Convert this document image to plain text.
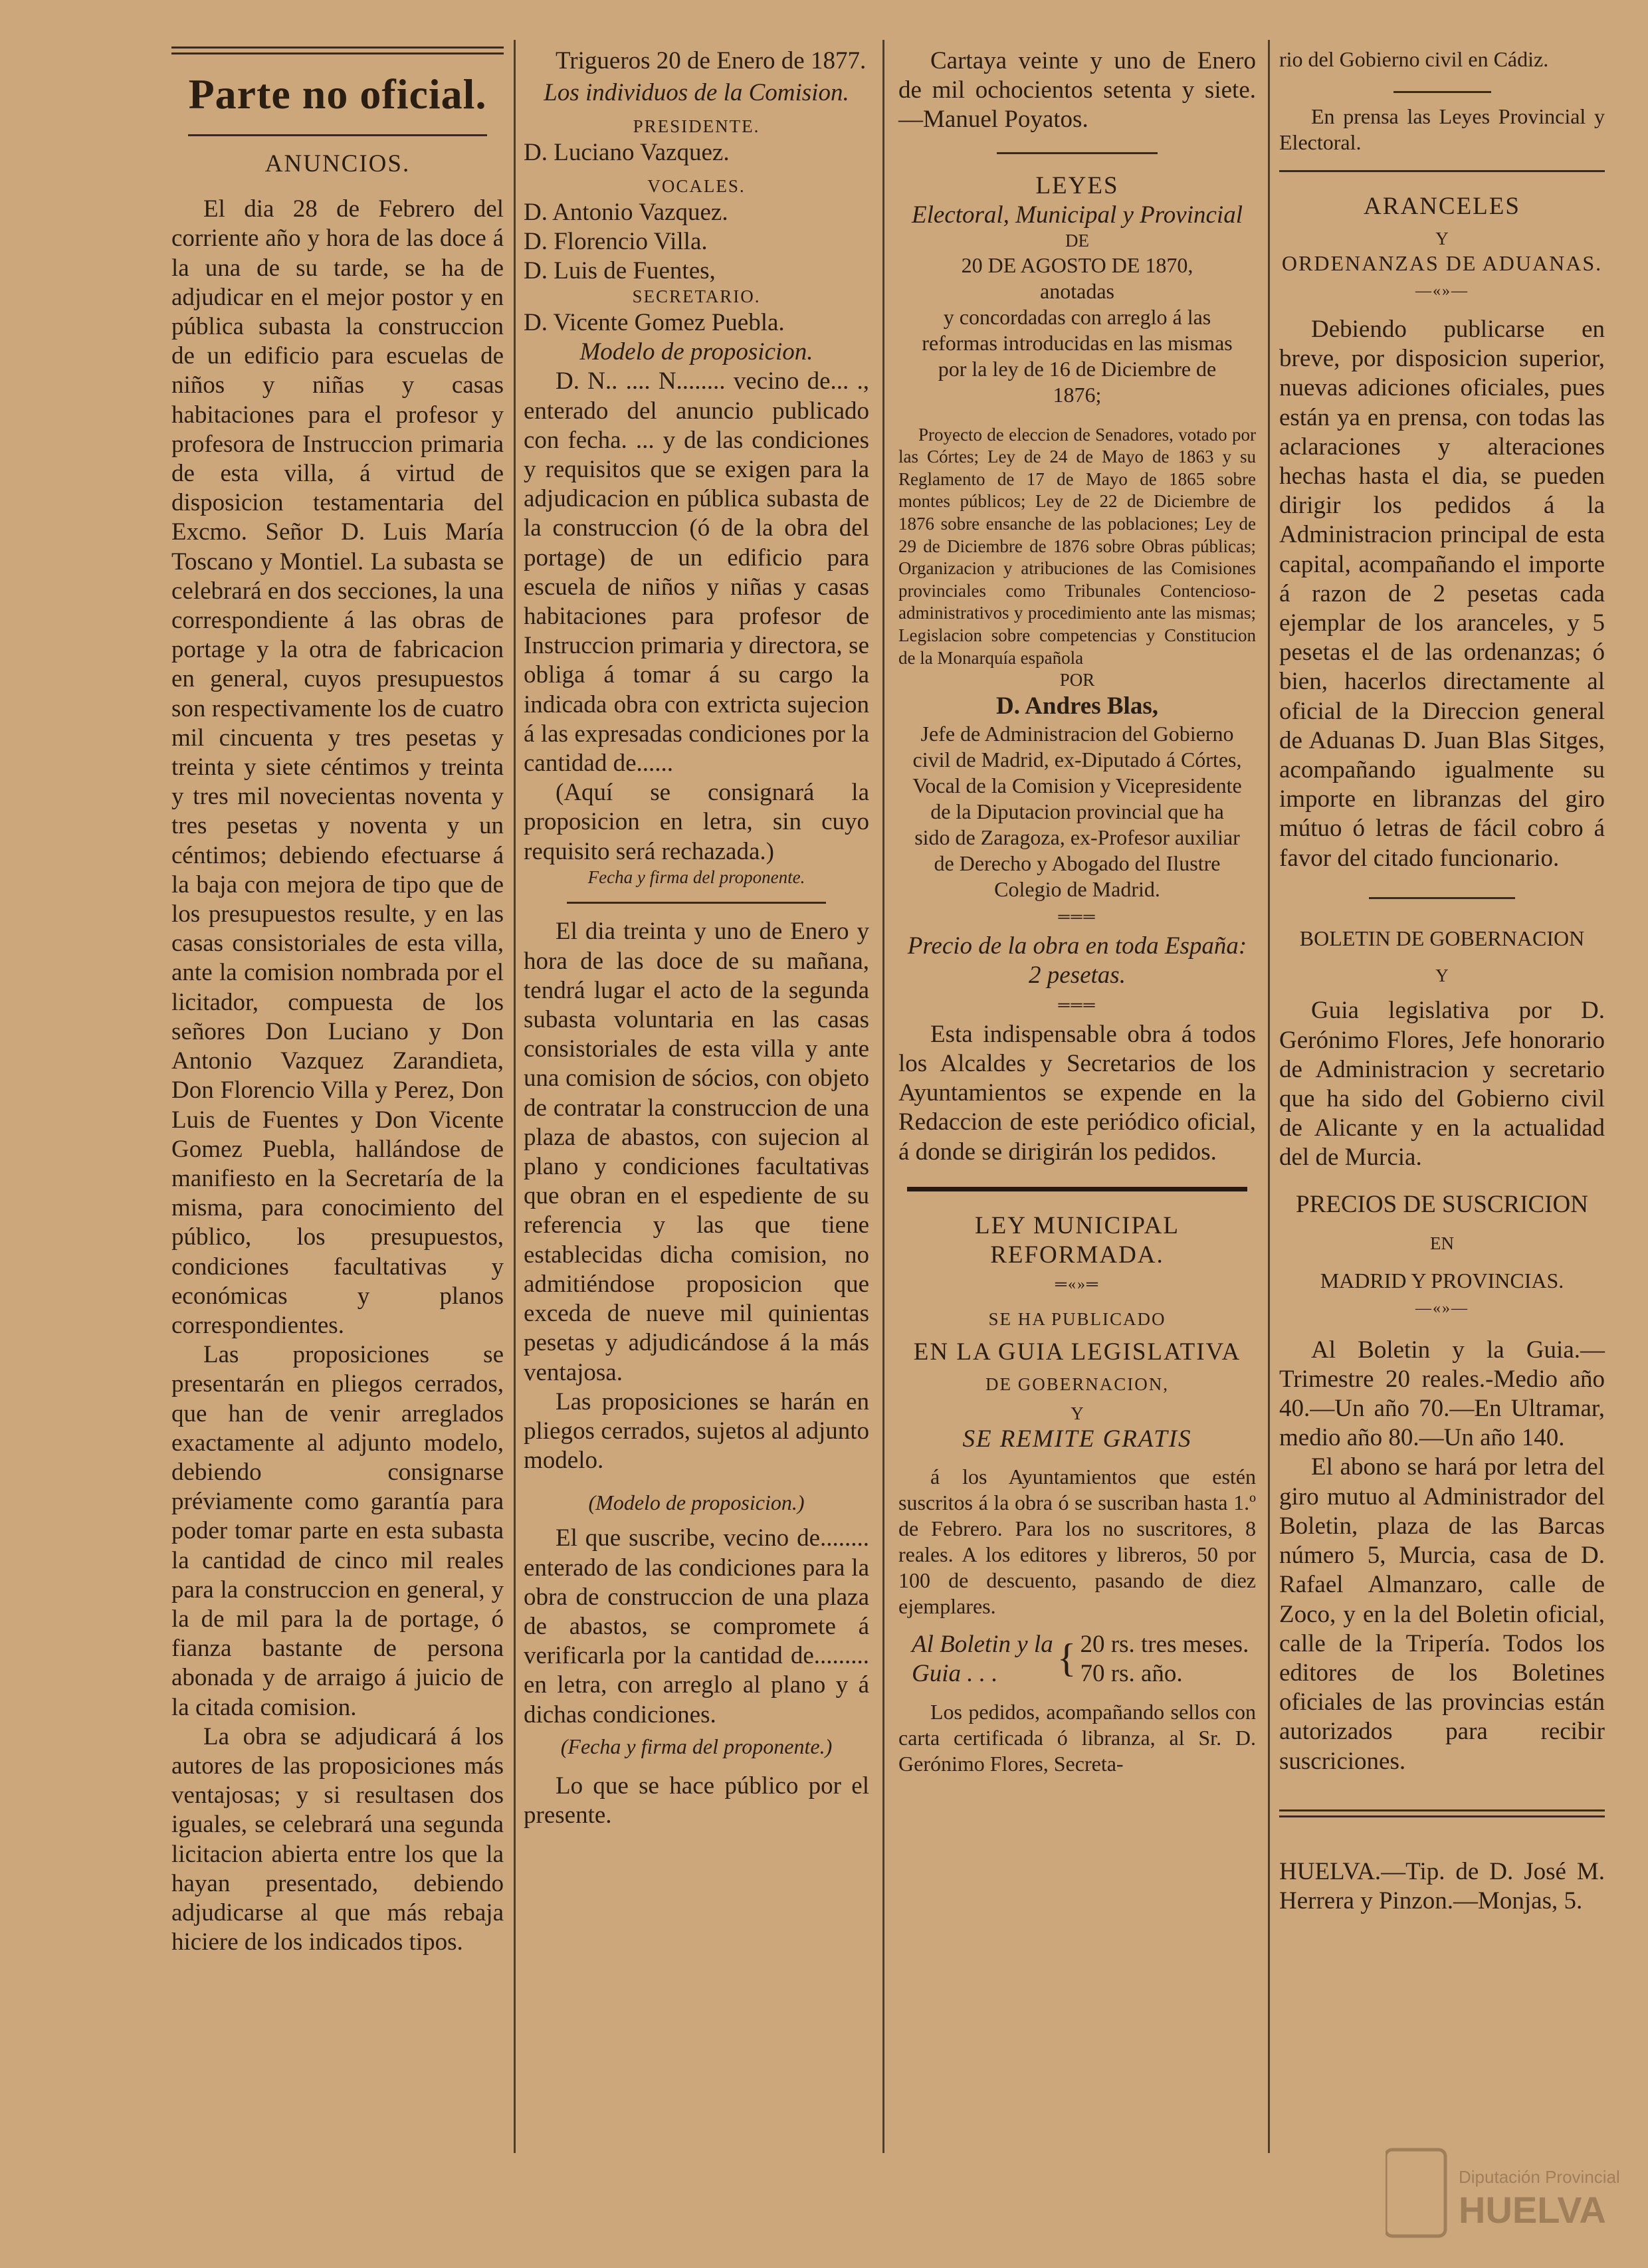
Parte no oficial.

ANUNCIOS.

El dia 28 de Febrero del corriente año y hora de las doce á la una de su tarde, se ha de adjudicar en el mejor postor y en pública subasta la construccion de un edificio para escuelas de niños y niñas y casas habitaciones para el profesor y profesora de Instruccion primaria de esta villa, á virtud de disposicion testamentaria del Excmo. Señor D. Luis María Toscano y Montiel. La subasta se celebrará en dos secciones, la una correspondiente á las obras de portage y la otra de fabricacion en general, cuyos presupuestos son respectivamente los de cuatro mil cincuenta y tres pesetas y treinta y siete céntimos y treinta y tres mil novecientas noventa y tres pesetas y noventa y un céntimos; debiendo efectuarse á la baja con mejora de tipo que de los presupuestos resulte, y en las casas consistoriales de esta villa, ante la comision nombrada por el licitador, compuesta de los señores Don Luciano y Don Antonio Vazquez Zarandieta, Don Florencio Villa y Perez, Don Luis de Fuentes y Don Vicente Gomez Puebla, hallándose de manifiesto en la Secretaría de la misma, para conocimiento del público, los presupuestos, condiciones facultativas y económicas y planos correspondientes.

Las proposiciones se presentarán en pliegos cerrados, que han de venir arreglados exactamente al adjunto modelo, debiendo consignarse préviamente como garantía para poder tomar parte en esta subasta la cantidad de cinco mil reales para la construccion en general, y la de mil para la de portage, ó fianza bastante de persona abonada y de arraigo á juicio de la citada comision.

La obra se adjudicará á los autores de las proposiciones más ventajosas; y si resultasen dos iguales, se celebrará una segunda licitacion abierta entre los que la hayan presentado, debiendo adjudicarse al que más rebaja hiciere de los indicados tipos.

Trigueros 20 de Enero de 1877.

Los individuos de la Comision.

PRESIDENTE.

D. Luciano Vazquez.

VOCALES.

D. Antonio Vazquez.

D. Florencio Villa.

D. Luis de Fuentes,

SECRETARIO.

D. Vicente Gomez Puebla.

Modelo de proposicion.

D. N.. .... N........ vecino de... ., enterado del anuncio publicado con fecha. ... y de las condiciones y requisitos que se exigen para la adjudicacion en pública subasta de la construccion (ó de la obra del portage) de un edificio para escuela de niños y niñas y casas habitaciones para profesor de Instruccion primaria y directora, se obliga á tomar á su cargo la indicada obra con extricta sujecion á las expresadas condiciones por la cantidad de......

(Aquí se consignará la proposicion en letra, sin cuyo requisito será rechazada.)

Fecha y firma del proponente.

El dia treinta y uno de Enero y hora de las doce de su mañana, tendrá lugar el acto de la segunda subasta voluntaria en las casas consistoriales de esta villa y ante una comision de sócios, con objeto de contratar la construccion de una plaza de abastos, con sujecion al plano y condiciones facultativas que obran en el espediente de su referencia y las que tiene establecidas dicha comision, no admitiéndose proposicion que exceda de nueve mil quinientas pesetas y adjudicándose á la más ventajosa.

Las proposiciones se harán en pliegos cerrados, sujetos al adjunto modelo.

(Modelo de proposicion.)

El que suscribe, vecino de........ enterado de las condiciones para la obra de construccion de una plaza de abastos, se compromete á verificarla por la cantidad de......... en letra, con arreglo al plano y á dichas condiciones.

(Fecha y firma del proponente.)

Lo que se hace público por el presente.

Cartaya veinte y uno de Enero de mil ochocientos setenta y siete.—Manuel Poyatos.

LEYES

Electoral, Municipal y Provincial

DE

20 DE AGOSTO DE 1870,

anotadas

y concordadas con arreglo á las reformas introducidas en las mismas por la ley de 16 de Diciembre de 1876;

Proyecto de eleccion de Senadores, votado por las Córtes; Ley de 24 de Mayo de 1863 y su Reglamento de 17 de Mayo de 1865 sobre montes públicos; Ley de 22 de Diciembre de 1876 sobre ensanche de las poblaciones; Ley de 29 de Diciembre de 1876 sobre Obras públicas; Organizacion y atribuciones de las Comisiones provinciales como Tribunales Contencioso-administrativos y procedimiento ante las mismas; Legislacion sobre competencias y Constitucion de la Monarquía española

POR

D. Andres Blas,

Jefe de Administracion del Gobierno civil de Madrid, ex-Diputado á Córtes, Vocal de la Comision y Vicepresidente de la Diputacion provincial que ha sido de Zaragoza, ex-Profesor auxiliar de Derecho y Abogado del Ilustre Colegio de Madrid.

═══

Precio de la obra en toda España: 2 pesetas.

═══

Esta indispensable obra á todos los Alcaldes y Secretarios de los Ayuntamientos se expende en la Redaccion de este periódico oficial, á donde se dirigirán los pedidos.

LEY MUNICIPAL REFORMADA.

═«»═

SE HA PUBLICADO

EN LA GUIA LEGISLATIVA

DE GOBERNACION,

Y

SE REMITE GRATIS

á los Ayuntamientos que estén suscritos á la obra ó se suscriban hasta 1.º de Febrero. Para los no suscritores, 8 reales. A los editores y libreros, 50 por 100 de descuento, pasando de diez ejemplares.

Al Boletin y la
Guia . . .	{ 20 rs. tres meses.
70 rs. año.

Los pedidos, acompañando sellos con carta certificada ó libranza, al Sr. D. Gerónimo Flores, Secreta-

rio del Gobierno civil en Cádiz.

En prensa las Leyes Provincial y Electoral.

ARANCELES

Y

ORDENANZAS DE ADUANAS.

—«»—

Debiendo publicarse en breve, por disposicion superior, nuevas adiciones oficiales, pues están ya en prensa, con todas las aclaraciones y alteraciones hechas hasta el dia, se pueden dirigir los pedidos á la Administracion principal de esta capital, acompañando el importe á razon de 2 pesetas cada ejemplar de los aranceles, y 5 pesetas el de las ordenanzas; ó bien, hacerlos directamente al oficial de la Direccion general de Aduanas D. Juan Blas Sitges, acompañando igualmente su importe en libranzas del giro mútuo ó letras de fácil cobro á favor del citado funcionario.

BOLETIN DE GOBERNACION

Y

Guia legislativa por D. Gerónimo Flores, Jefe honorario de Administracion y secretario que ha sido del Gobierno civil de Alicante y en la actualidad del de Murcia.

PRECIOS DE SUSCRICION

EN

MADRID Y PROVINCIAS.

—«»—

Al Boletin y la Guia.—Trimestre 20 reales.-Medio año 40.—Un año 70.—En Ultramar, medio año 80.—Un año 140.

El abono se hará por letra del giro mutuo al Administrador del Boletin, plaza de las Barcas número 5, Murcia, casa de D. Rafael Almanzaro, calle de Zoco, y en la del Boletin oficial, calle de la Tripería. Todos los editores de los Boletines oficiales de las provincias están autorizados para recibir suscriciones.

HUELVA.—Tip. de D. José M. Herrera y Pinzon.—Monjas, 5.

Diputación Provincial
HUELVA
